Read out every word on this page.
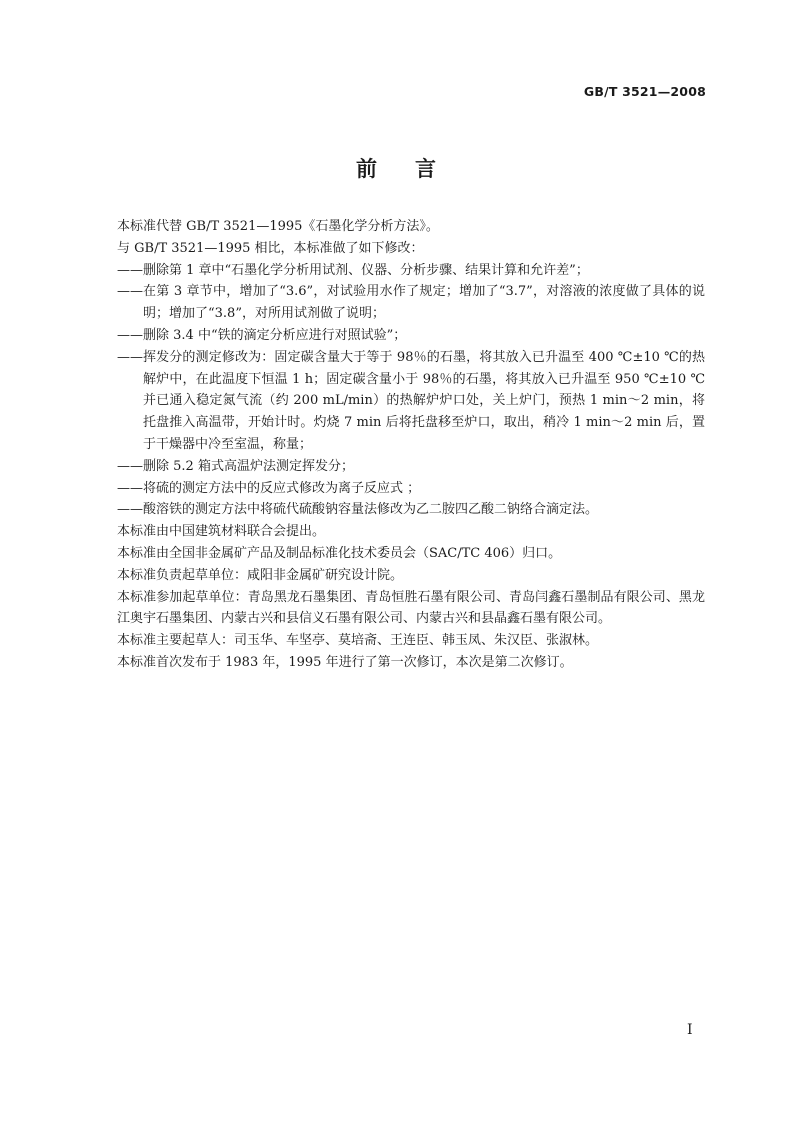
GB/T 3521—2008
前 言

本标准代替 GB/T 3521—1995《石墨化学分析方法》。

与 GB/T 3521—1995 相比，本标准做了如下修改：

—— 删除第 1 章中“石墨化学分析用试剂、仪器、分析步骤、结果计算和允许差”；

—— 在第 3 章节中，增加了“3.6”，对试验用水作了规定；增加了“3.7”，对溶液的浓度做了具体的说明；增加了“3.8”，对所用试剂做了说明；

—— 删除 3.4 中“铁的滴定分析应进行对照试验”；

—— 挥发分的测定修改为：固定碳含量大于等于 98％的石墨，将其放入已升温至 400 ℃±10 ℃的热解炉中，在此温度下恒温 1 h；固定碳含量小于 98％的石墨，将其放入已升温至 950 ℃±10 ℃并已通入稳定氮气流（约 200 mL/min）的热解炉炉口处，关上炉门，预热 1 min～2 min，将托盘推入高温带，开始计时。灼烧 7 min 后将托盘移至炉口，取出，稍冷 1 min～2 min 后，置于干燥器中冷至室温，称量；

—— 删除 5.2 箱式高温炉法测定挥发分；

—— 将硫的测定方法中的反应式修改为离子反应式 ；

—— 酸溶铁的测定方法中将硫代硫酸钠容量法修改为乙二胺四乙酸二钠络合滴定法。

本标准由中国建筑材料联合会提出。

本标准由全国非金属矿产品及制品标准化技术委员会（SAC/TC 406）归口。

本标准负责起草单位：咸阳非金属矿研究设计院。

本标准参加起草单位：青岛黑龙石墨集团、青岛恒胜石墨有限公司、青岛闫鑫石墨制品有限公司、黑龙江奥宇石墨集团、内蒙古兴和县信义石墨有限公司、内蒙古兴和县晶鑫石墨有限公司。

本标准主要起草人：司玉华、车坚亭、莫培斋、王连臣、韩玉凤、朱汉臣、张淑林。

本标准首次发布于 1983 年，1995 年进行了第一次修订，本次是第二次修订。

I
